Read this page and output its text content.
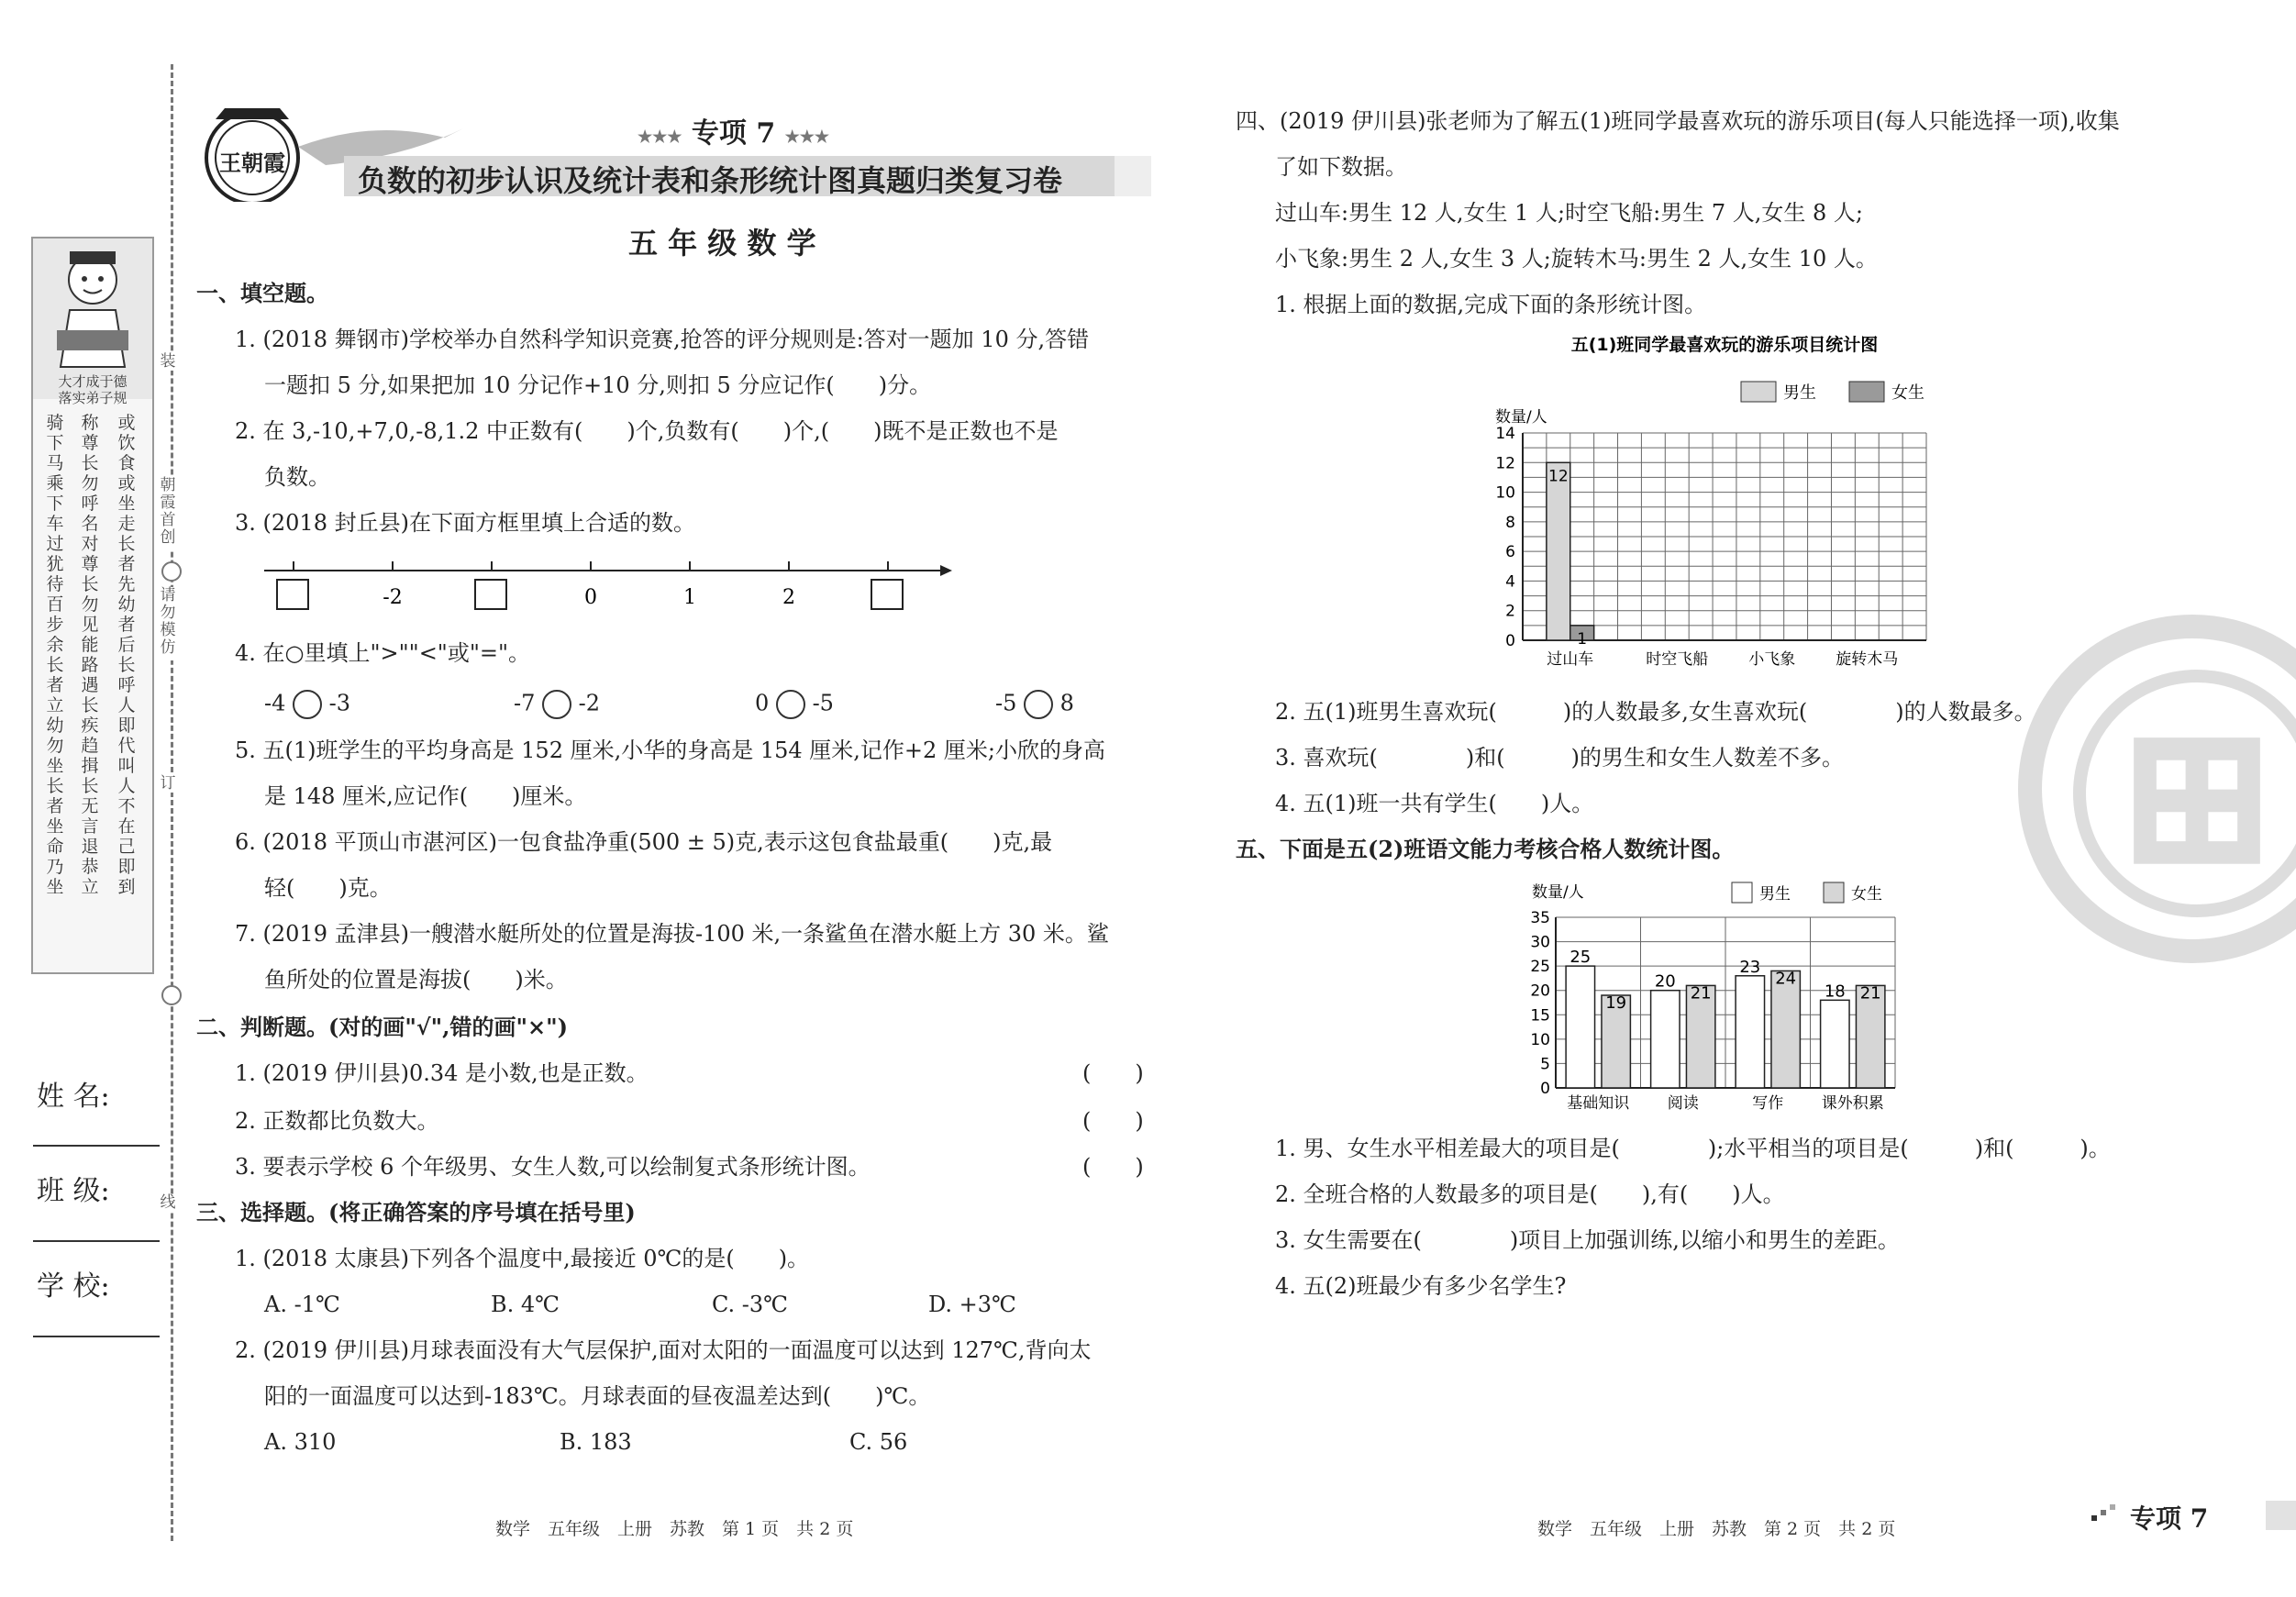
大才成于德
落实弟子规
骑下马乘下车过犹待百步余长者立幼勿坐长者坐命乃坐
称尊长勿呼名对尊长勿见能路遇长疾趋揖长无言退恭立
或饮食或坐走长者先幼者后长呼人即代叫人不在己即到
装
朝霞首创
请勿模仿
订
线
姓 名:
班 级:
学 校:
王朝霞
★★★ 专项 7 ★★★
负数的初步认识及统计表和条形统计图真题归类复习卷
五 年 级 数 学
一、填空题。
1. (2018 舞钢市)学校举办自然科学知识竞赛,抢答的评分规则是:答对一题加 10 分,答错
一题扣 5 分,如果把加 10 分记作+10 分,则扣 5 分应记作(　　)分。
2. 在 3,-10,+7,0,-8,1.2 中正数有(　　)个,负数有(　　)个,(　　)既不是正数也不是
负数。
3. (2018 封丘县)在下面方框里填上合适的数。
-2	0	1	2
4. 在○里填上">""<"或"="。
-4 -3	-7 -2	0 -5	-5 8
5. 五(1)班学生的平均身高是 152 厘米,小华的身高是 154 厘米,记作+2 厘米;小欣的身高
是 148 厘米,应记作(　　)厘米。
6. (2018 平顶山市湛河区)一包食盐净重(500 ± 5)克,表示这包食盐最重(　　)克,最
轻(　　)克。
7. (2019 孟津县)一艘潜水艇所处的位置是海拔-100 米,一条鲨鱼在潜水艇上方 30 米。鲨
鱼所处的位置是海拔(　　)米。
二、判断题。(对的画"√",错的画"×")
1. (2019 伊川县)0.34 是小数,也是正数。	(　　)
2. 正数都比负数大。	(　　)
3. 要表示学校 6 个年级男、女生人数,可以绘制复式条形统计图。	(　　)
三、选择题。(将正确答案的序号填在括号里)
1. (2018 太康县)下列各个温度中,最接近 0℃的是(　　)。
A. -1℃	B. 4℃	C. -3℃	D. +3℃
2. (2019 伊川县)月球表面没有大气层保护,面对太阳的一面温度可以达到 127℃,背向太
阳的一面温度可以达到-183℃。月球表面的昼夜温差达到(　　)℃。
A. 310	B. 183	C. 56
⊞
四、(2019 伊川县)张老师为了解五(1)班同学最喜欢玩的游乐项目(每人只能选择一项),收集
了如下数据。
过山车:男生 12 人,女生 1 人;时空飞船:男生 7 人,女生 8 人;
小飞象:男生 2 人,女生 3 人;旋转木马:男生 2 人,女生 10 人。
1. 根据上面的数据,完成下面的条形统计图。
五(1)班同学最喜欢玩的游乐项目统计图
男生	女生
数量/人
0
2
4
6
8
10
12
14
过山车	时空飞船	小飞象	旋转木马
12
1
2. 五(1)班男生喜欢玩(　　　)的人数最多,女生喜欢玩(　　　　)的人数最多。
3. 喜欢玩(　　　　)和(　　　)的男生和女生人数差不多。
4. 五(1)班一共有学生(　　)人。
五、下面是五(2)班语文能力考核合格人数统计图。
数量/人	男生	女生
0
5
10
15
20
25
30
35
25
19
基础知识
20
21
阅读
23
24
写作
18 21
课外积累
1. 男、女生水平相差最大的项目是(　　　　);水平相当的项目是(　　　)和(　　　)。
2. 全班合格的人数最多的项目是(　　),有(　　)人。
3. 女生需要在(　　　　)项目上加强训练,以缩小和男生的差距。
4. 五(2)班最少有多少名学生?
数学　五年级　上册　苏教　第 1 页　共 2 页	数学　五年级　上册　苏教　第 2 页　共 2 页	专项 7
